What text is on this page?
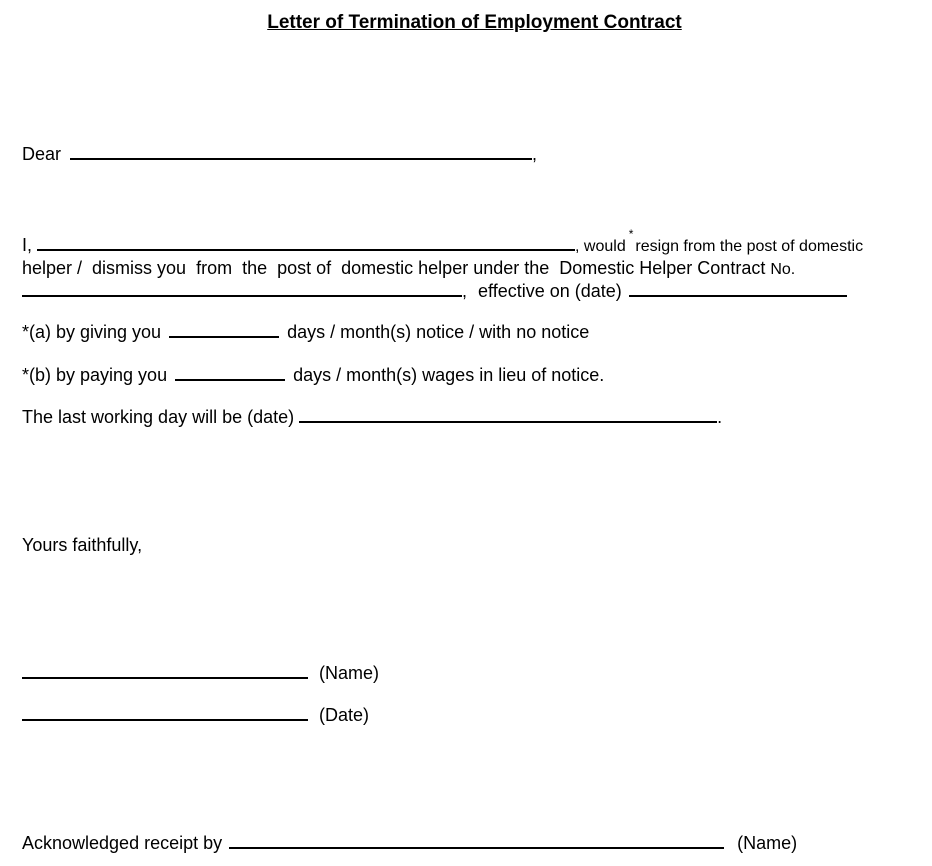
Letter of Termination of Employment Contract
Dear	,
I,	, would*resign from the post of domestic
helper /  dismiss you  from  the  post of  domestic helper under the  Domestic Helper Contract No.
, effective on (date)
*(a) by giving you	days / month(s) notice / with no notice
*(b) by paying you	days / month(s) wages in lieu of notice.
The last working day will be (date)	.
Yours faithfully,
(Name)
(Date)
Acknowledged receipt by	(Name)
